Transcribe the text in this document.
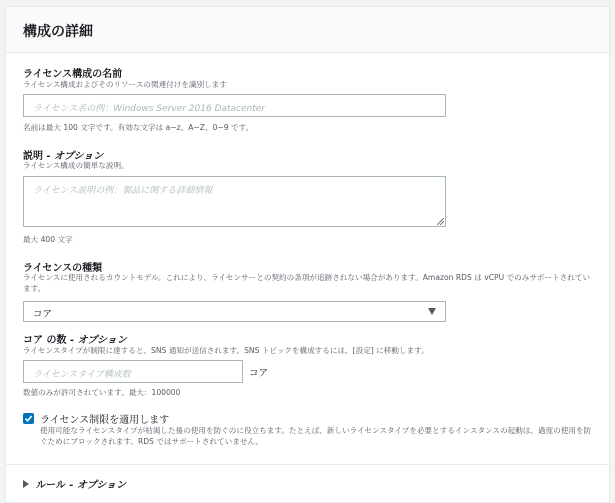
構成の詳細
ライセンス構成の名前
ライセンス構成およびそのリソースの関連付けを識別します
ライセンス名の例：Windows Server 2016 Datacenter
名前は最大 100 文字です。有効な文字は a~z、A~Z、0~9 です。
説明 - オプション
ライセンス構成の簡単な説明。
ライセンス説明の例：製品に関する詳細情報
最大 400 文字
ライセンスの種類
ライセンスに使用されるカウントモデル。これにより、ライセンサーとの契約の条項が追跡されない場合があります。Amazon RDS は vCPU でのみサポートされています。
コア
コア の数 - オプション
ライセンスタイプが制限に達すると、SNS 通知が送信されます。SNS トピックを構成するには、[設定] に移動します。
ライセンスタイプ構成数	コア
数値のみが許可されています。最大：100000
ライセンス制限を適用します
使用可能なライセンスタイプが枯渇した後の使用を防ぐのに役立ちます。たとえば、新しいライセンスタイプを必要とするインスタンスの起動は、過度の使用を防ぐためにブロックされます。RDS ではサポートされていません。
ルール - オプション
